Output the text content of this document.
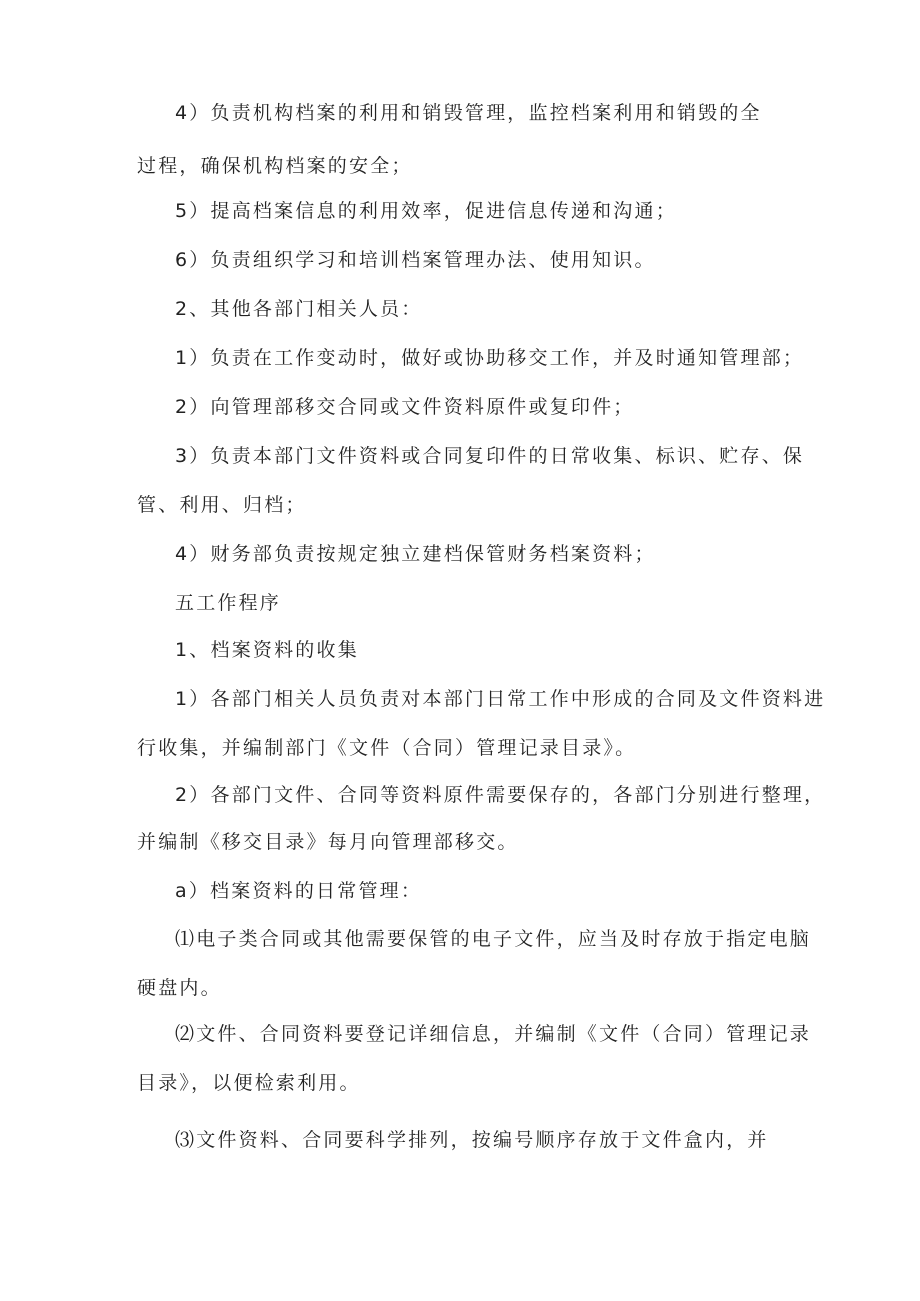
4）负责机构档案的利用和销毁管理，监控档案利用和销毁的全
过程，确保机构档案的安全；
5）提高档案信息的利用效率，促进信息传递和沟通；
6）负责组织学习和培训档案管理办法、使用知识。
2、其他各部门相关人员：
1）负责在工作变动时，做好或协助移交工作，并及时通知管理部；
2）向管理部移交合同或文件资料原件或复印件；
3）负责本部门文件资料或合同复印件的日常收集、标识、贮存、保
管、利用、归档；
4）财务部负责按规定独立建档保管财务档案资料；
五工作程序
1、档案资料的收集
1）各部门相关人员负责对本部门日常工作中形成的合同及文件资料进
行收集，并编制部门《文件（合同）管理记录目录》。
2）各部门文件、合同等资料原件需要保存的，各部门分别进行整理，
并编制《移交目录》每月向管理部移交。
a）档案资料的日常管理：
⑴电子类合同或其他需要保管的电子文件，应当及时存放于指定电脑
硬盘内。
⑵文件、合同资料要登记详细信息，并编制《文件（合同）管理记录
目录》，以便检索利用。
⑶文件资料、合同要科学排列，按编号顺序存放于文件盒内，并
